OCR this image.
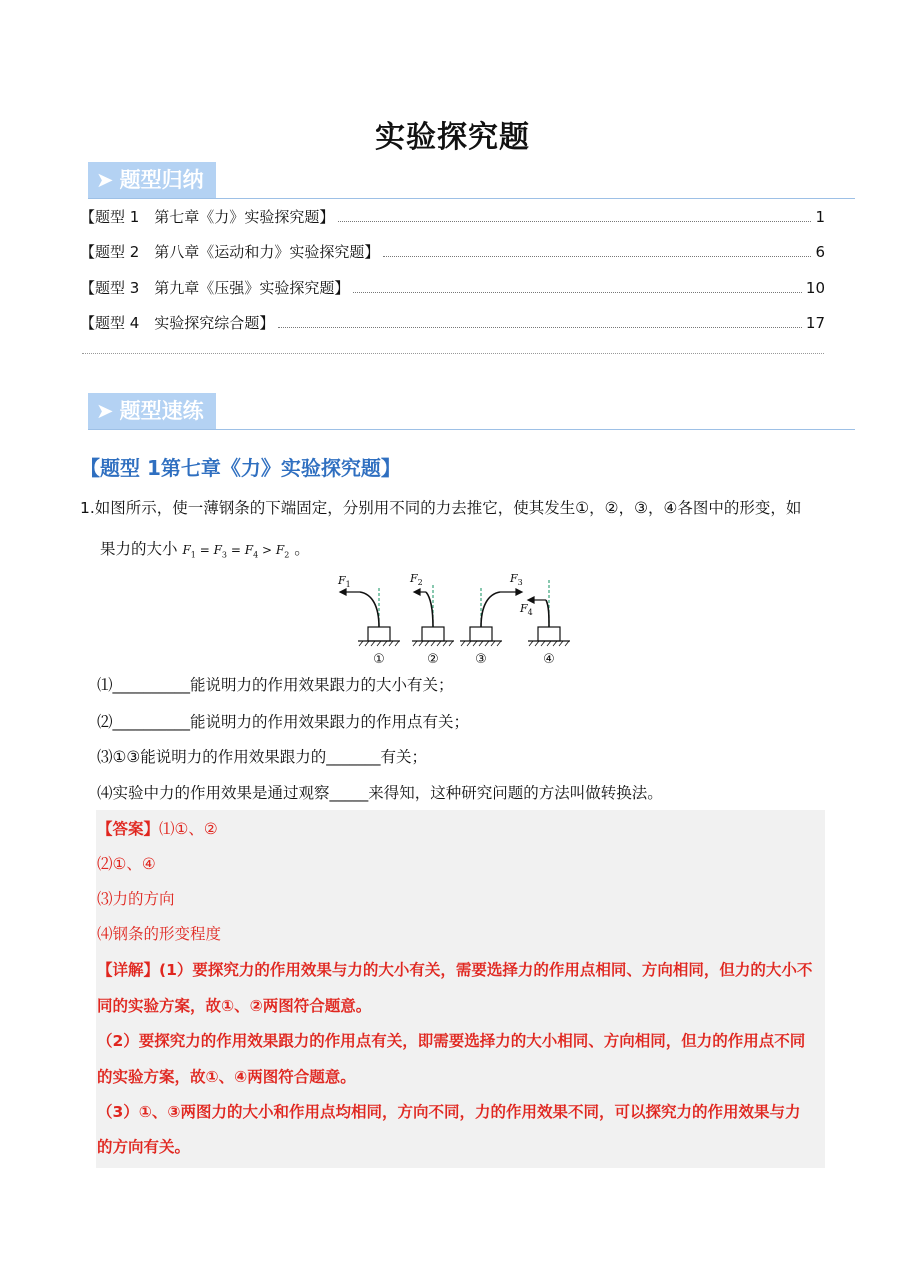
实验探究题
➤ 题型归纳
【题型 1　第七章《力》实验探究题】	1
【题型 2　第八章《运动和力》实验探究题】	6
【题型 3　第九章《压强》实验探究题】	10
【题型 4　实验探究综合题】	17
➤ 题型速练
【题型 1第七章《力》实验探究题】
1.如图所示，使一薄钢条的下端固定，分别用不同的力去推它，使其发生①，②，③，④各图中的形变，如
果力的大小 $F_1 = F_3 = F_4 > F_2$ 。
$F_1$	$F_2$	$F_3$
$F_4$
①	②	③	④
⑴__________能说明力的作用效果跟力的大小有关；
⑵__________能说明力的作用效果跟力的作用点有关；
⑶①③能说明力的作用效果跟力的_______有关；
⑷实验中力的作用效果是通过观察_____来得知，这种研究问题的方法叫做转换法。
【答案】⑴①、②
⑵①、④
⑶力的方向
⑷钢条的形变程度
【详解】(1）要探究力的作用效果与力的大小有关，需要选择力的作用点相同、方向相同，但力的大小不
同的实验方案，故①、②两图符合题意。
（2）要探究力的作用效果跟力的作用点有关，即需要选择力的大小相同、方向相同，但力的作用点不同
的实验方案，故①、④两图符合题意。
（3）①、③两图力的大小和作用点均相同，方向不同，力的作用效果不同，可以探究力的作用效果与力
的方向有关。
